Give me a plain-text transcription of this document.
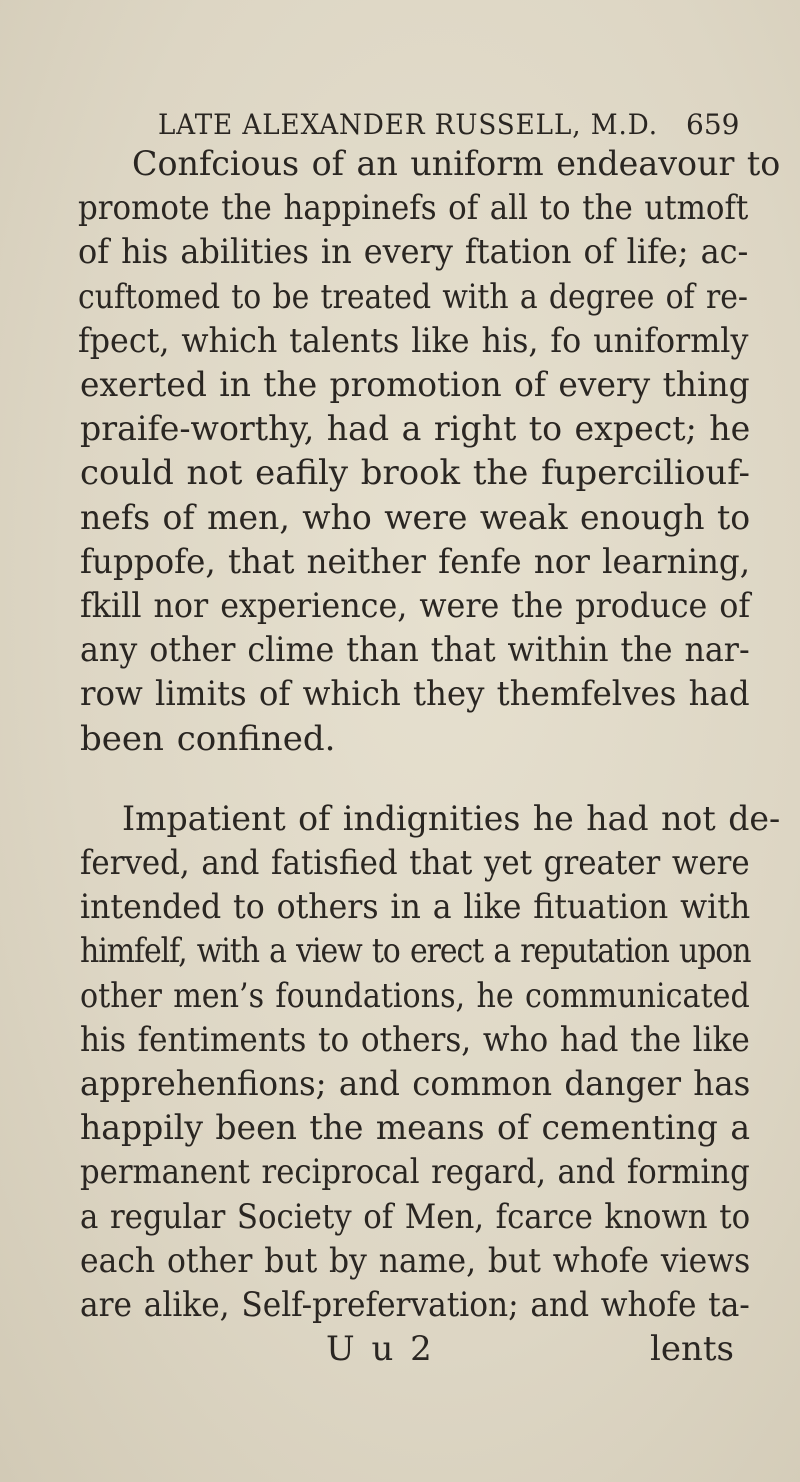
LATE ALEXANDER RUSSELL, M.D. 659
Confcious of an uniform endeavour to
promote the happinefs of all to the utmoft
of his abilities in every ftation of life; ac-
cuftomed to be treated with a degree of re-
fpect, which talents like his, fo uniformly
exerted in the promotion of every thing
praife-worthy, had a right to expect; he
could not eafily brook the fuperciliouf-
nefs of men, who were weak enough to
fuppofe, that neither fenfe nor learning,
fkill nor experience, were the produce of
any other clime than that within the nar-
row limits of which they themfelves had
been confined.
Impatient of indignities he had not de-
ferved, and fatisfied that yet greater were
intended to others in a like fituation with
himfelf, with a view to erect a reputation upon
other men’s foundations, he communicated
his fentiments to others, who had the like
apprehenfions; and common danger has
happily been the means of cementing a
permanent reciprocal regard, and forming
a regular Society of Men, fcarce known to
each other but by name, but whofe views
are alike, Self-prefervation; and whofe ta-
U u 2	lents
